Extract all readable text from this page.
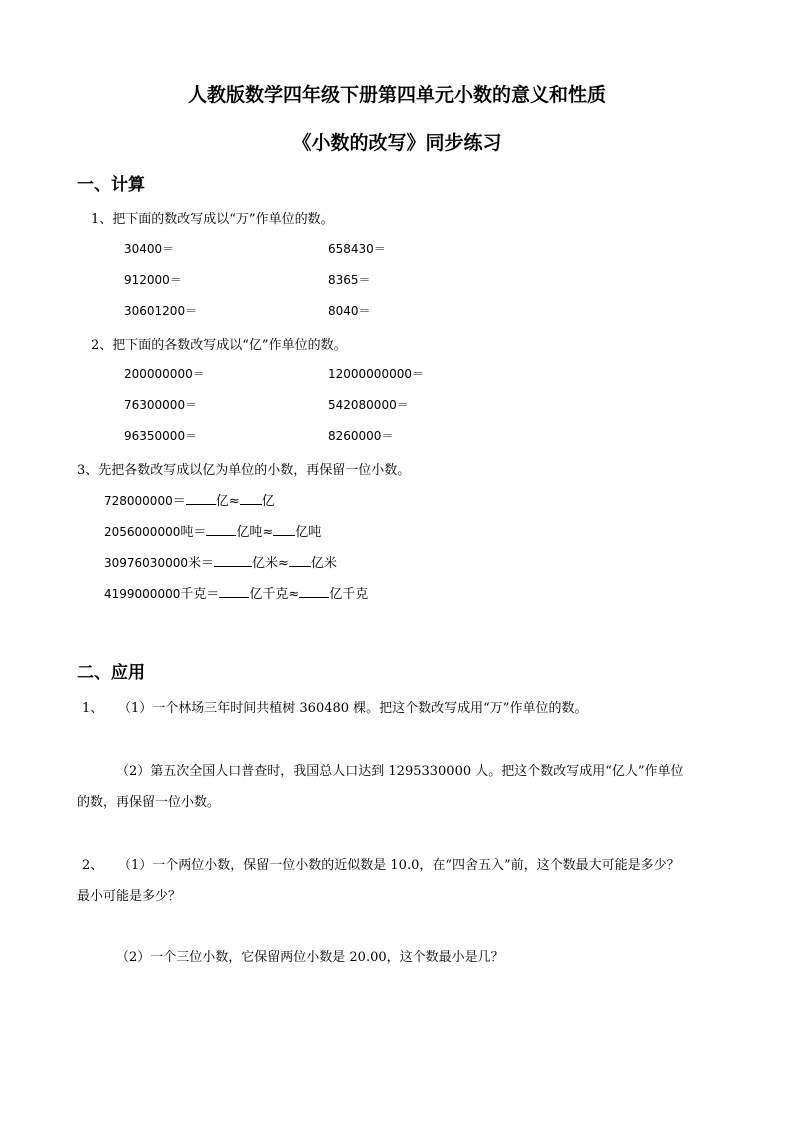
人教版数学四年级下册第四单元小数的意义和性质
《小数的改写》同步练习
一、计算
1、把下面的数改写成以“万”作单位的数。
30400＝	658430＝
912000＝	8365＝
30601200＝	8040＝
2、把下面的各数改写成以“亿”作单位的数。
200000000＝	12000000000＝
76300000＝	542080000＝
96350000＝	8260000＝
3、先把各数改写成以亿为单位的小数，再保留一位小数。
728000000＝ 亿≈ 亿
2056000000吨＝ 亿吨≈ 亿吨
30976030000米＝	亿米≈ 亿米
4199000000千克＝ 亿千克≈ 亿千克
二、应用
1、 （1）一个林场三年时间共植树 360480 棵。把这个数改写成用“万”作单位的数。
（2）第五次全国人口普查时，我国总人口达到 1295330000 人。把这个数改写成用“亿人”作单位
的数，再保留一位小数。
2、 （1）一个两位小数，保留一位小数的近似数是 10.0，在“四舍五入”前，这个数最大可能是多少？
最小可能是多少？
（2）一个三位小数，它保留两位小数是 20.00，这个数最小是几？
